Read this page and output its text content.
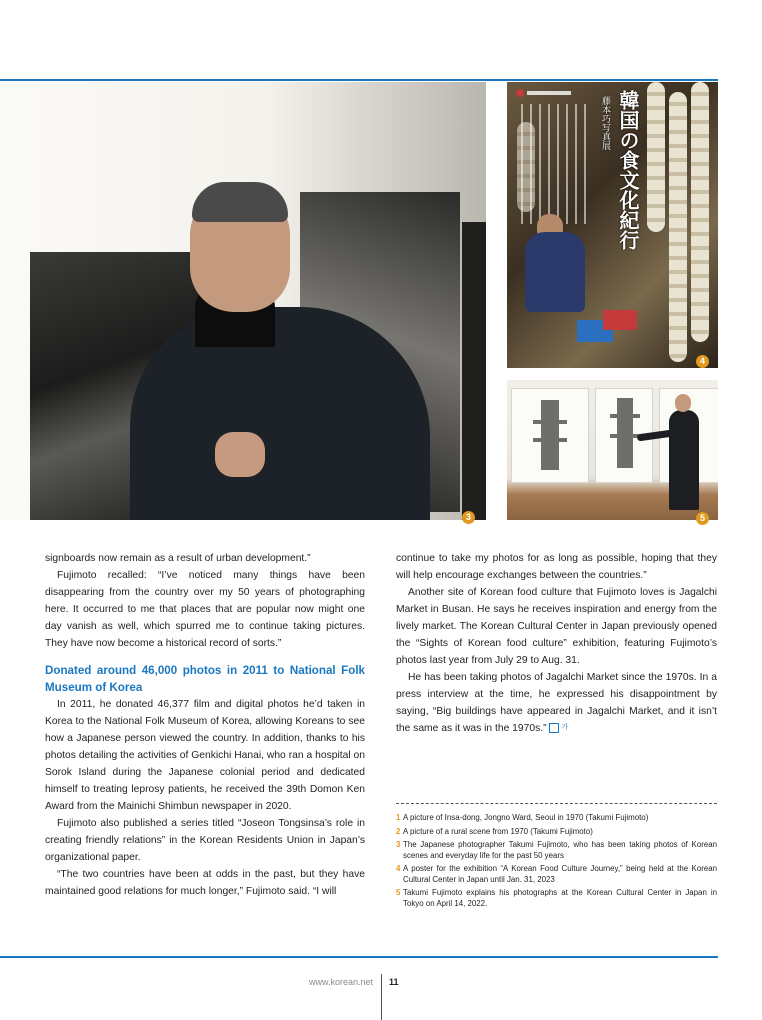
3
韓国の食文化紀行
藤本巧写真展
4
5

signboards now remain as a result of urban development.”

Fujimoto recalled: “I’ve noticed many things have been disappearing from the country over my 50 years of photographing here. It occurred to me that places that are popular now might one day vanish as well, which spurred me to continue taking pictures. They have now become a historical record of sorts.”

Donated around 46,000 photos in 2011 to National Folk Museum of Korea

In 2011, he donated 46,377 film and digital photos he’d taken in Korea to the National Folk Museum of Korea, allowing Koreans to see how a Japanese person viewed the country. In addition, thanks to his photos detailing the activities of Genkichi Hanai, who ran a hospital on Sorok Island during the Japanese colonial period and dedicated himself to treating leprosy patients, he received the 39th Domon Ken Award from the Mainichi Shimbun newspaper in 2020.

Fujimoto also published a series titled “Joseon Tongsinsa’s role in creating friendly relations” in the Korean Residents Union in Japan’s organizational paper.

“The two countries have been at odds in the past, but they have maintained good relations for much longer,” Fujimoto said. “I will

continue to take my photos for as long as possible, hoping that they will help encourage exchanges between the countries.”

Another site of Korean food culture that Fujimoto loves is Jagalchi Market in Busan. He says he receives inspiration and energy from the lively market. The Korean Cultural Center in Japan previously opened the “Sights of Korean food culture” exhibition, featuring Fujimoto’s photos last year from July 29 to Aug. 31.

He has been taking photos of Jagalchi Market since the 1970s. In a press interview at the time, he expressed his disappointment by saying, “Big buildings have appeared in Jagalchi Market, and it isn’t the same as it was in the 1970s.” 가

1 A picture of Insa-dong, Jongno Ward, Seoul in 1970 (Takumi Fujimoto)
2 A picture of a rural scene from 1970 (Takumi Fujimoto)
3 The Japanese photographer Takumi Fujimoto, who has been taking photos of Korean scenes and everyday life for the past 50 years
4 A poster for the exhibition “A Korean Food Culture Journey,” being held at the Korean Cultural Center in Japan until Jan. 31, 2023
5 Takumi Fujimoto explains his photographs at the Korean Cultural Center in Japan in Tokyo on April 14, 2022.
www.korean.net 11
